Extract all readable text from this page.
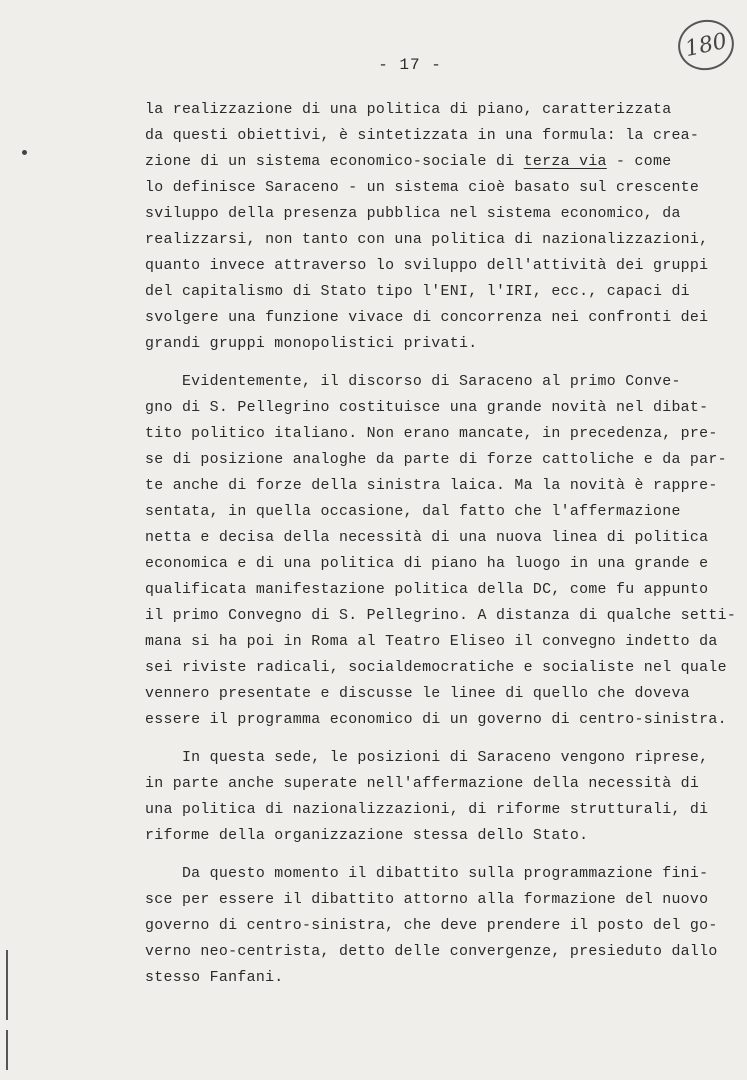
180
- 17 -
la realizzazione di una politica di piano, caratterizzata
da questi obiettivi, è sintetizzata in una formula: la crea-
zione di un sistema economico-sociale di terza via - come
lo definisce Saraceno - un sistema cioè basato sul crescente
sviluppo della presenza pubblica nel sistema economico, da
realizzarsi, non tanto con una politica di nazionalizzazioni,
quanto invece attraverso lo sviluppo dell'attività dei gruppi
del capitalismo di Stato tipo l'ENI, l'IRI, ecc., capaci di
svolgere una funzione vivace di concorrenza nei confronti dei
grandi gruppi monopolistici privati.
Evidentemente, il discorso di Saraceno al primo Conve-
gno di S. Pellegrino costituisce una grande novità nel dibat-
tito politico italiano. Non erano mancate, in precedenza, pre-
se di posizione analoghe da parte di forze cattoliche e da par-
te anche di forze della sinistra laica. Ma la novità è rappre-
sentata, in quella occasione, dal fatto che l'affermazione
netta e decisa della necessità di una nuova linea di politica
economica e di una politica di piano ha luogo in una grande e
qualificata manifestazione politica della DC, come fu appunto
il primo Convegno di S. Pellegrino. A distanza di qualche setti-
mana si ha poi in Roma al Teatro Eliseo il convegno indetto da
sei riviste radicali, socialdemocratiche e socialiste nel quale
vennero presentate e discusse le linee di quello che doveva
essere il programma economico di un governo di centro-sinistra.
In questa sede, le posizioni di Saraceno vengono riprese,
in parte anche superate nell'affermazione della necessità di
una politica di nazionalizzazioni, di riforme strutturali, di
riforme della organizzazione stessa dello Stato.
Da questo momento il dibattito sulla programmazione fini-
sce per essere il dibattito attorno alla formazione del nuovo
governo di centro-sinistra, che deve prendere il posto del go-
verno neo-centrista, detto delle convergenze, presieduto dallo
stesso Fanfani.
